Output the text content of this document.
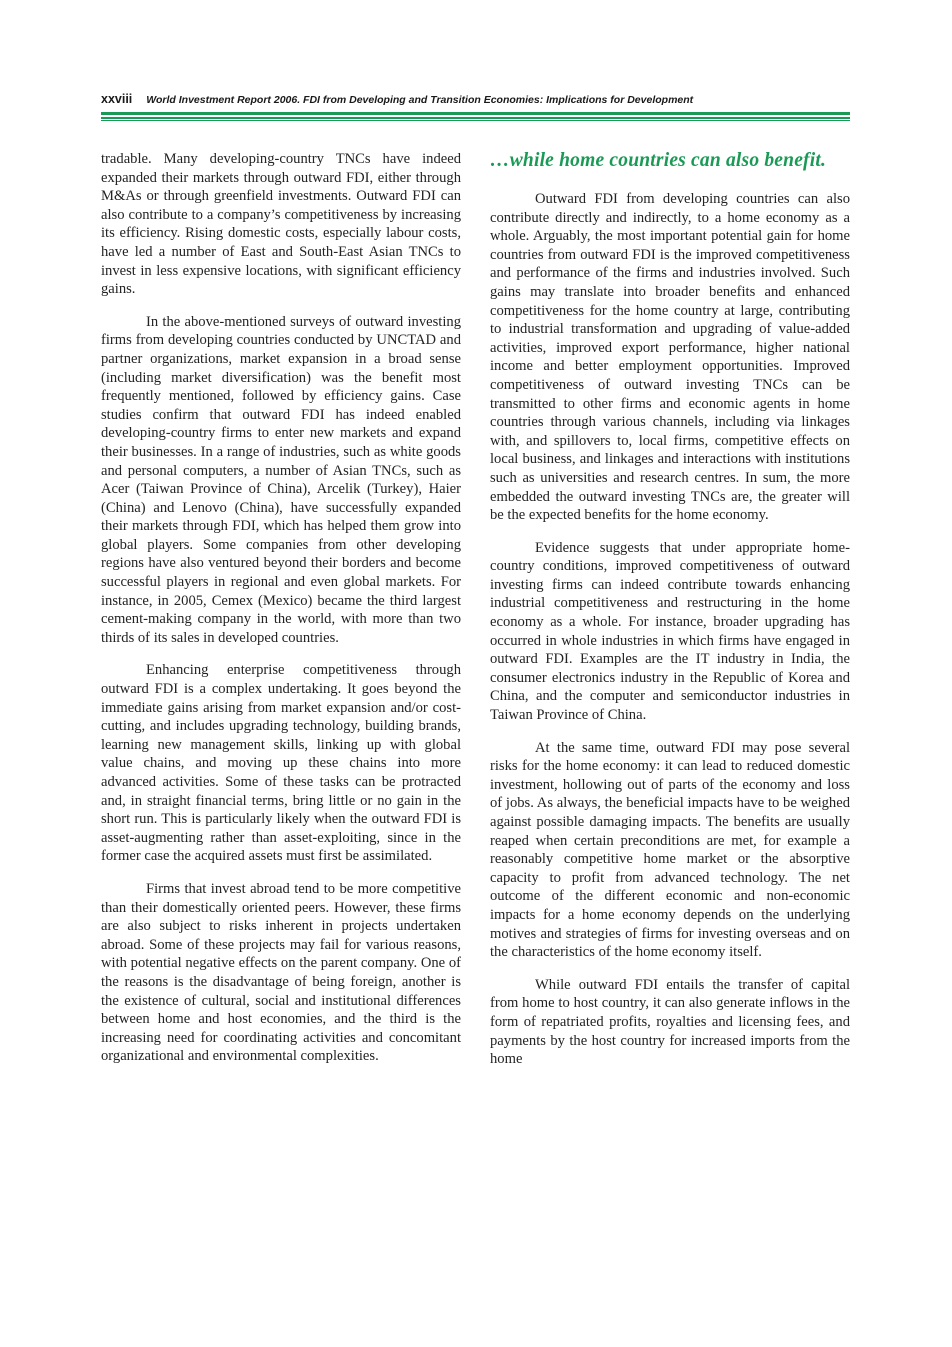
xxviii World Investment Report 2006. FDI from Developing and Transition Economies: Implications for Development

tradable. Many developing-country TNCs have indeed expanded their markets through outward FDI, either through M&As or through greenfield investments. Outward FDI can also contribute to a company’s competitiveness by increasing its efficiency. Rising domestic costs, especially labour costs, have led a number of East and South-East Asian TNCs to invest in less expensive locations, with significant efficiency gains.

In the above-mentioned surveys of outward investing firms from developing countries conducted by UNCTAD and partner organizations, market expansion in a broad sense (including market diversification) was the benefit most frequently mentioned, followed by efficiency gains. Case studies confirm that outward FDI has indeed enabled developing-country firms to enter new markets and expand their businesses. In a range of industries, such as white goods and personal computers, a number of Asian TNCs, such as Acer (Taiwan Province of China), Arcelik (Turkey), Haier (China) and Lenovo (China), have successfully expanded their markets through FDI, which has helped them grow into global players. Some companies from other developing regions have also ventured beyond their borders and become successful players in regional and even global markets. For instance, in 2005, Cemex (Mexico) became the third largest cement-making company in the world, with more than two thirds of its sales in developed countries.

Enhancing enterprise competitiveness through outward FDI is a complex undertaking. It goes beyond the immediate gains arising from market expansion and/or cost-cutting, and includes upgrading technology, building brands, learning new management skills, linking up with global value chains, and moving up these chains into more advanced activities. Some of these tasks can be protracted and, in straight financial terms, bring little or no gain in the short run. This is particularly likely when the outward FDI is asset-augmenting rather than asset-exploiting, since in the former case the acquired assets must first be assimilated.

Firms that invest abroad tend to be more competitive than their domestically oriented peers. However, these firms are also subject to risks inherent in projects undertaken abroad. Some of these projects may fail for various reasons, with potential negative effects on the parent company. One of the reasons is the disadvantage of being foreign, another is the existence of cultural, social and institutional differences between home and host economies, and the third is the increasing need for coordinating activities and concomitant organizational and environmental complexities.

…while home countries can also benefit.

Outward FDI from developing countries can also contribute directly and indirectly, to a home economy as a whole. Arguably, the most important potential gain for home countries from outward FDI is the improved competitiveness and performance of the firms and industries involved. Such gains may translate into broader benefits and enhanced competitiveness for the home country at large, contributing to industrial transformation and upgrading of value-added activities, improved export performance, higher national income and better employment opportunities. Improved competitiveness of outward investing TNCs can be transmitted to other firms and economic agents in home countries through various channels, including via linkages with, and spillovers to, local firms, competitive effects on local business, and linkages and interactions with institutions such as universities and research centres. In sum, the more embedded the outward investing TNCs are, the greater will be the expected benefits for the home economy.

Evidence suggests that under appropriate home-country conditions, improved competitiveness of outward investing firms can indeed contribute towards enhancing industrial competitiveness and restructuring in the home economy as a whole. For instance, broader upgrading has occurred in whole industries in which firms have engaged in outward FDI. Examples are the IT industry in India, the consumer electronics industry in the Republic of Korea and China, and the computer and semiconductor industries in Taiwan Province of China.

At the same time, outward FDI may pose several risks for the home economy: it can lead to reduced domestic investment, hollowing out of parts of the economy and loss of jobs. As always, the beneficial impacts have to be weighed against possible damaging impacts. The benefits are usually reaped when certain preconditions are met, for example a reasonably competitive home market or the absorptive capacity to profit from advanced technology. The net outcome of the different economic and non-economic impacts for a home economy depends on the underlying motives and strategies of firms for investing overseas and on the characteristics of the home economy itself.

While outward FDI entails the transfer of capital from home to host country, it can also generate inflows in the form of repatriated profits, royalties and licensing fees, and payments by the host country for increased imports from the home
